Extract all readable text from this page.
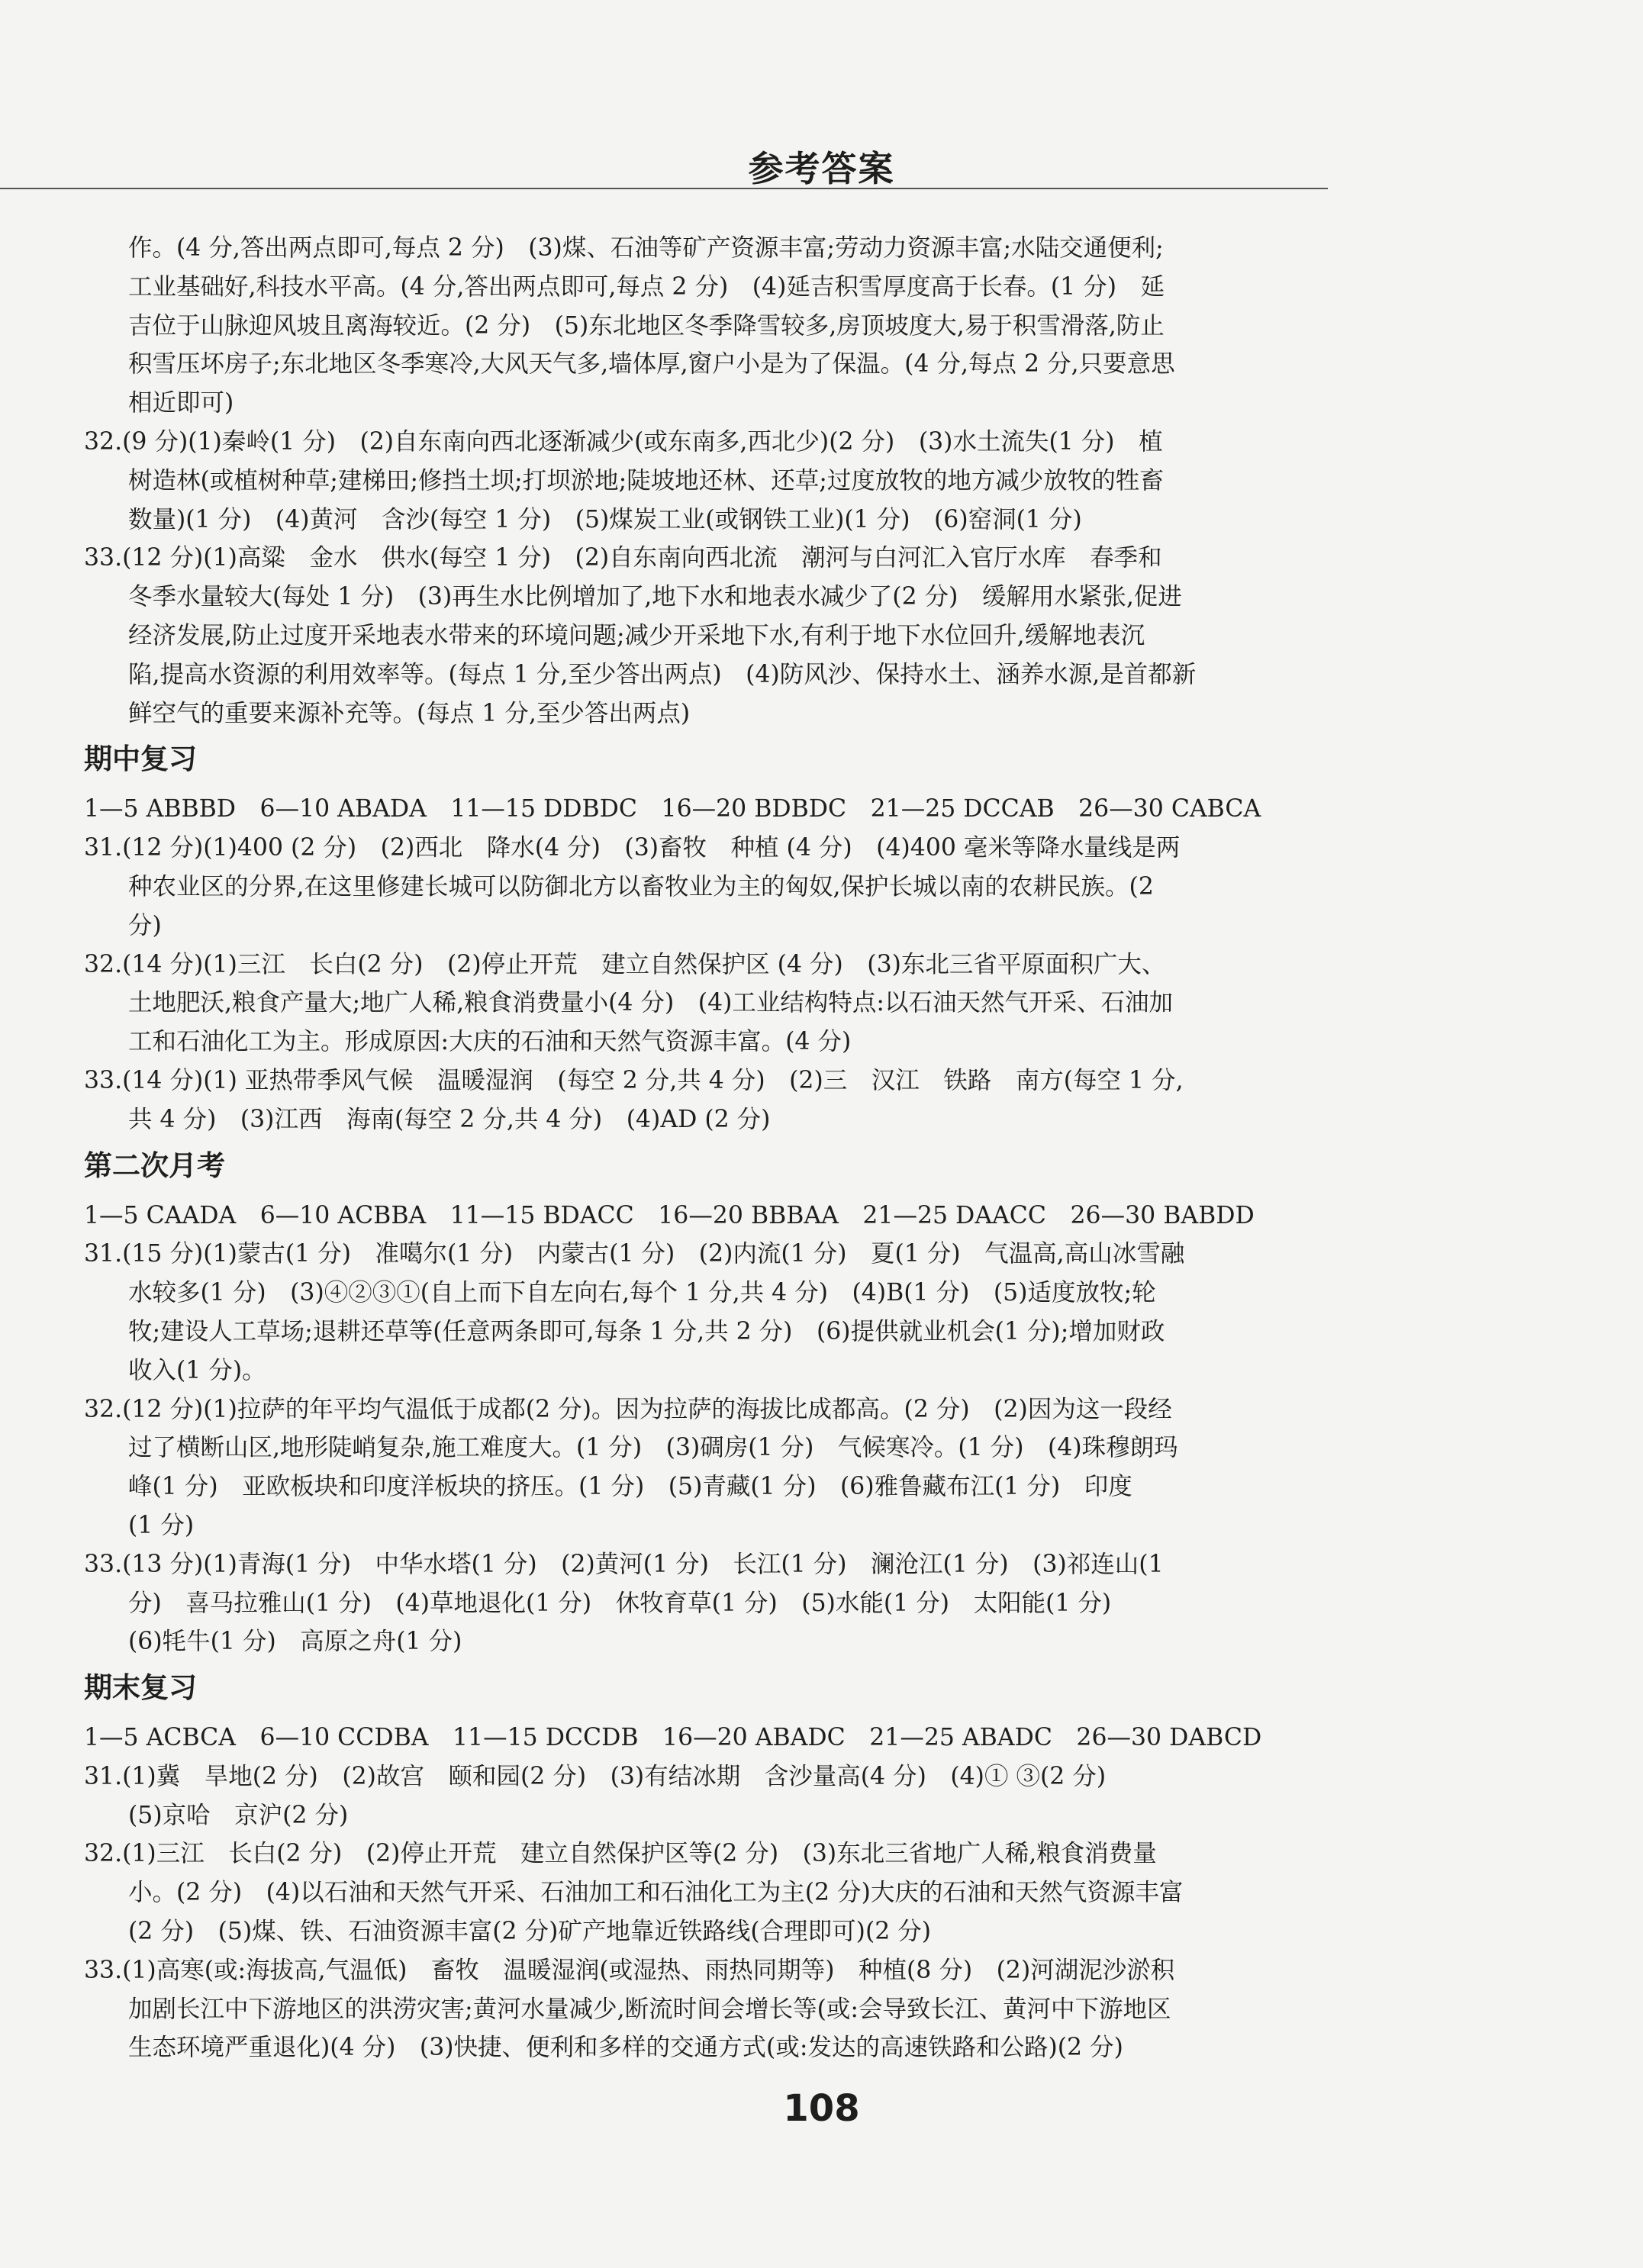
参考答案
作。(4 分,答出两点即可,每点 2 分)　(3)煤、石油等矿产资源丰富;劳动力资源丰富;水陆交通便利;
工业基础好,科技水平高。(4 分,答出两点即可,每点 2 分)　(4)延吉积雪厚度高于长春。(1 分)　延
吉位于山脉迎风坡且离海较近。(2 分)　(5)东北地区冬季降雪较多,房顶坡度大,易于积雪滑落,防止
积雪压坏房子;东北地区冬季寒冷,大风天气多,墙体厚,窗户小是为了保温。(4 分,每点 2 分,只要意思
相近即可)
32.(9 分)(1)秦岭(1 分)　(2)自东南向西北逐渐减少(或东南多,西北少)(2 分)　(3)水土流失(1 分)　植
树造林(或植树种草;建梯田;修挡土坝;打坝淤地;陡坡地还林、还草;过度放牧的地方减少放牧的牲畜
数量)(1 分)　(4)黄河　含沙(每空 1 分)　(5)煤炭工业(或钢铁工业)(1 分)　(6)窑洞(1 分)
33.(12 分)(1)高粱　金水　供水(每空 1 分)　(2)自东南向西北流　潮河与白河汇入官厅水库　春季和
冬季水量较大(每处 1 分)　(3)再生水比例增加了,地下水和地表水减少了(2 分)　缓解用水紧张,促进
经济发展,防止过度开采地表水带来的环境问题;减少开采地下水,有利于地下水位回升,缓解地表沉
陷,提高水资源的利用效率等。(每点 1 分,至少答出两点)　(4)防风沙、保持水土、涵养水源,是首都新
鲜空气的重要来源补充等。(每点 1 分,至少答出两点)
期中复习
1—5 ABBBD　6—10 ABADA　11—15 DDBDC　16—20 BDBDC　21—25 DCCAB　26—30 CABCA
31.(12 分)(1)400 (2 分)　(2)西北　降水(4 分)　(3)畜牧　种植 (4 分)　(4)400 毫米等降水量线是两
种农业区的分界,在这里修建长城可以防御北方以畜牧业为主的匈奴,保护长城以南的农耕民族。(2
分)
32.(14 分)(1)三江　长白(2 分)　(2)停止开荒　建立自然保护区 (4 分)　(3)东北三省平原面积广大、
土地肥沃,粮食产量大;地广人稀,粮食消费量小(4 分)　(4)工业结构特点:以石油天然气开采、石油加
工和石油化工为主。形成原因:大庆的石油和天然气资源丰富。(4 分)
33.(14 分)(1) 亚热带季风气候　温暖湿润　(每空 2 分,共 4 分)　(2)三　汉江　铁路　南方(每空 1 分,
共 4 分)　(3)江西　海南(每空 2 分,共 4 分)　(4)AD (2 分)
第二次月考
1—5 CAADA　6—10 ACBBA　11—15 BDACC　16—20 BBBAA　21—25 DAACC　26—30 BABDD
31.(15 分)(1)蒙古(1 分)　准噶尔(1 分)　内蒙古(1 分)　(2)内流(1 分)　夏(1 分)　气温高,高山冰雪融
水较多(1 分)　(3)④②③①(自上而下自左向右,每个 1 分,共 4 分)　(4)B(1 分)　(5)适度放牧;轮
牧;建设人工草场;退耕还草等(任意两条即可,每条 1 分,共 2 分)　(6)提供就业机会(1 分);增加财政
收入(1 分)。
32.(12 分)(1)拉萨的年平均气温低于成都(2 分)。因为拉萨的海拔比成都高。(2 分)　(2)因为这一段经
过了横断山区,地形陡峭复杂,施工难度大。(1 分)　(3)碉房(1 分)　气候寒冷。(1 分)　(4)珠穆朗玛
峰(1 分)　亚欧板块和印度洋板块的挤压。(1 分)　(5)青藏(1 分)　(6)雅鲁藏布江(1 分)　印度
(1 分)
33.(13 分)(1)青海(1 分)　中华水塔(1 分)　(2)黄河(1 分)　长江(1 分)　澜沧江(1 分)　(3)祁连山(1
分)　喜马拉雅山(1 分)　(4)草地退化(1 分)　休牧育草(1 分)　(5)水能(1 分)　太阳能(1 分)
(6)牦牛(1 分)　高原之舟(1 分)
期末复习
1—5 ACBCA　6—10 CCDBA　11—15 DCCDB　16—20 ABADC　21—25 ABADC　26—30 DABCD
31.(1)冀　旱地(2 分)　(2)故宫　颐和园(2 分)　(3)有结冰期　含沙量高(4 分)　(4)① ③(2 分)
(5)京哈　京沪(2 分)
32.(1)三江　长白(2 分)　(2)停止开荒　建立自然保护区等(2 分)　(3)东北三省地广人稀,粮食消费量
小。(2 分)　(4)以石油和天然气开采、石油加工和石油化工为主(2 分)大庆的石油和天然气资源丰富
(2 分)　(5)煤、铁、石油资源丰富(2 分)矿产地靠近铁路线(合理即可)(2 分)
33.(1)高寒(或:海拔高,气温低)　畜牧　温暖湿润(或湿热、雨热同期等)　种植(8 分)　(2)河湖泥沙淤积
加剧长江中下游地区的洪涝灾害;黄河水量减少,断流时间会增长等(或:会导致长江、黄河中下游地区
生态环境严重退化)(4 分)　(3)快捷、便利和多样的交通方式(或:发达的高速铁路和公路)(2 分)
108
